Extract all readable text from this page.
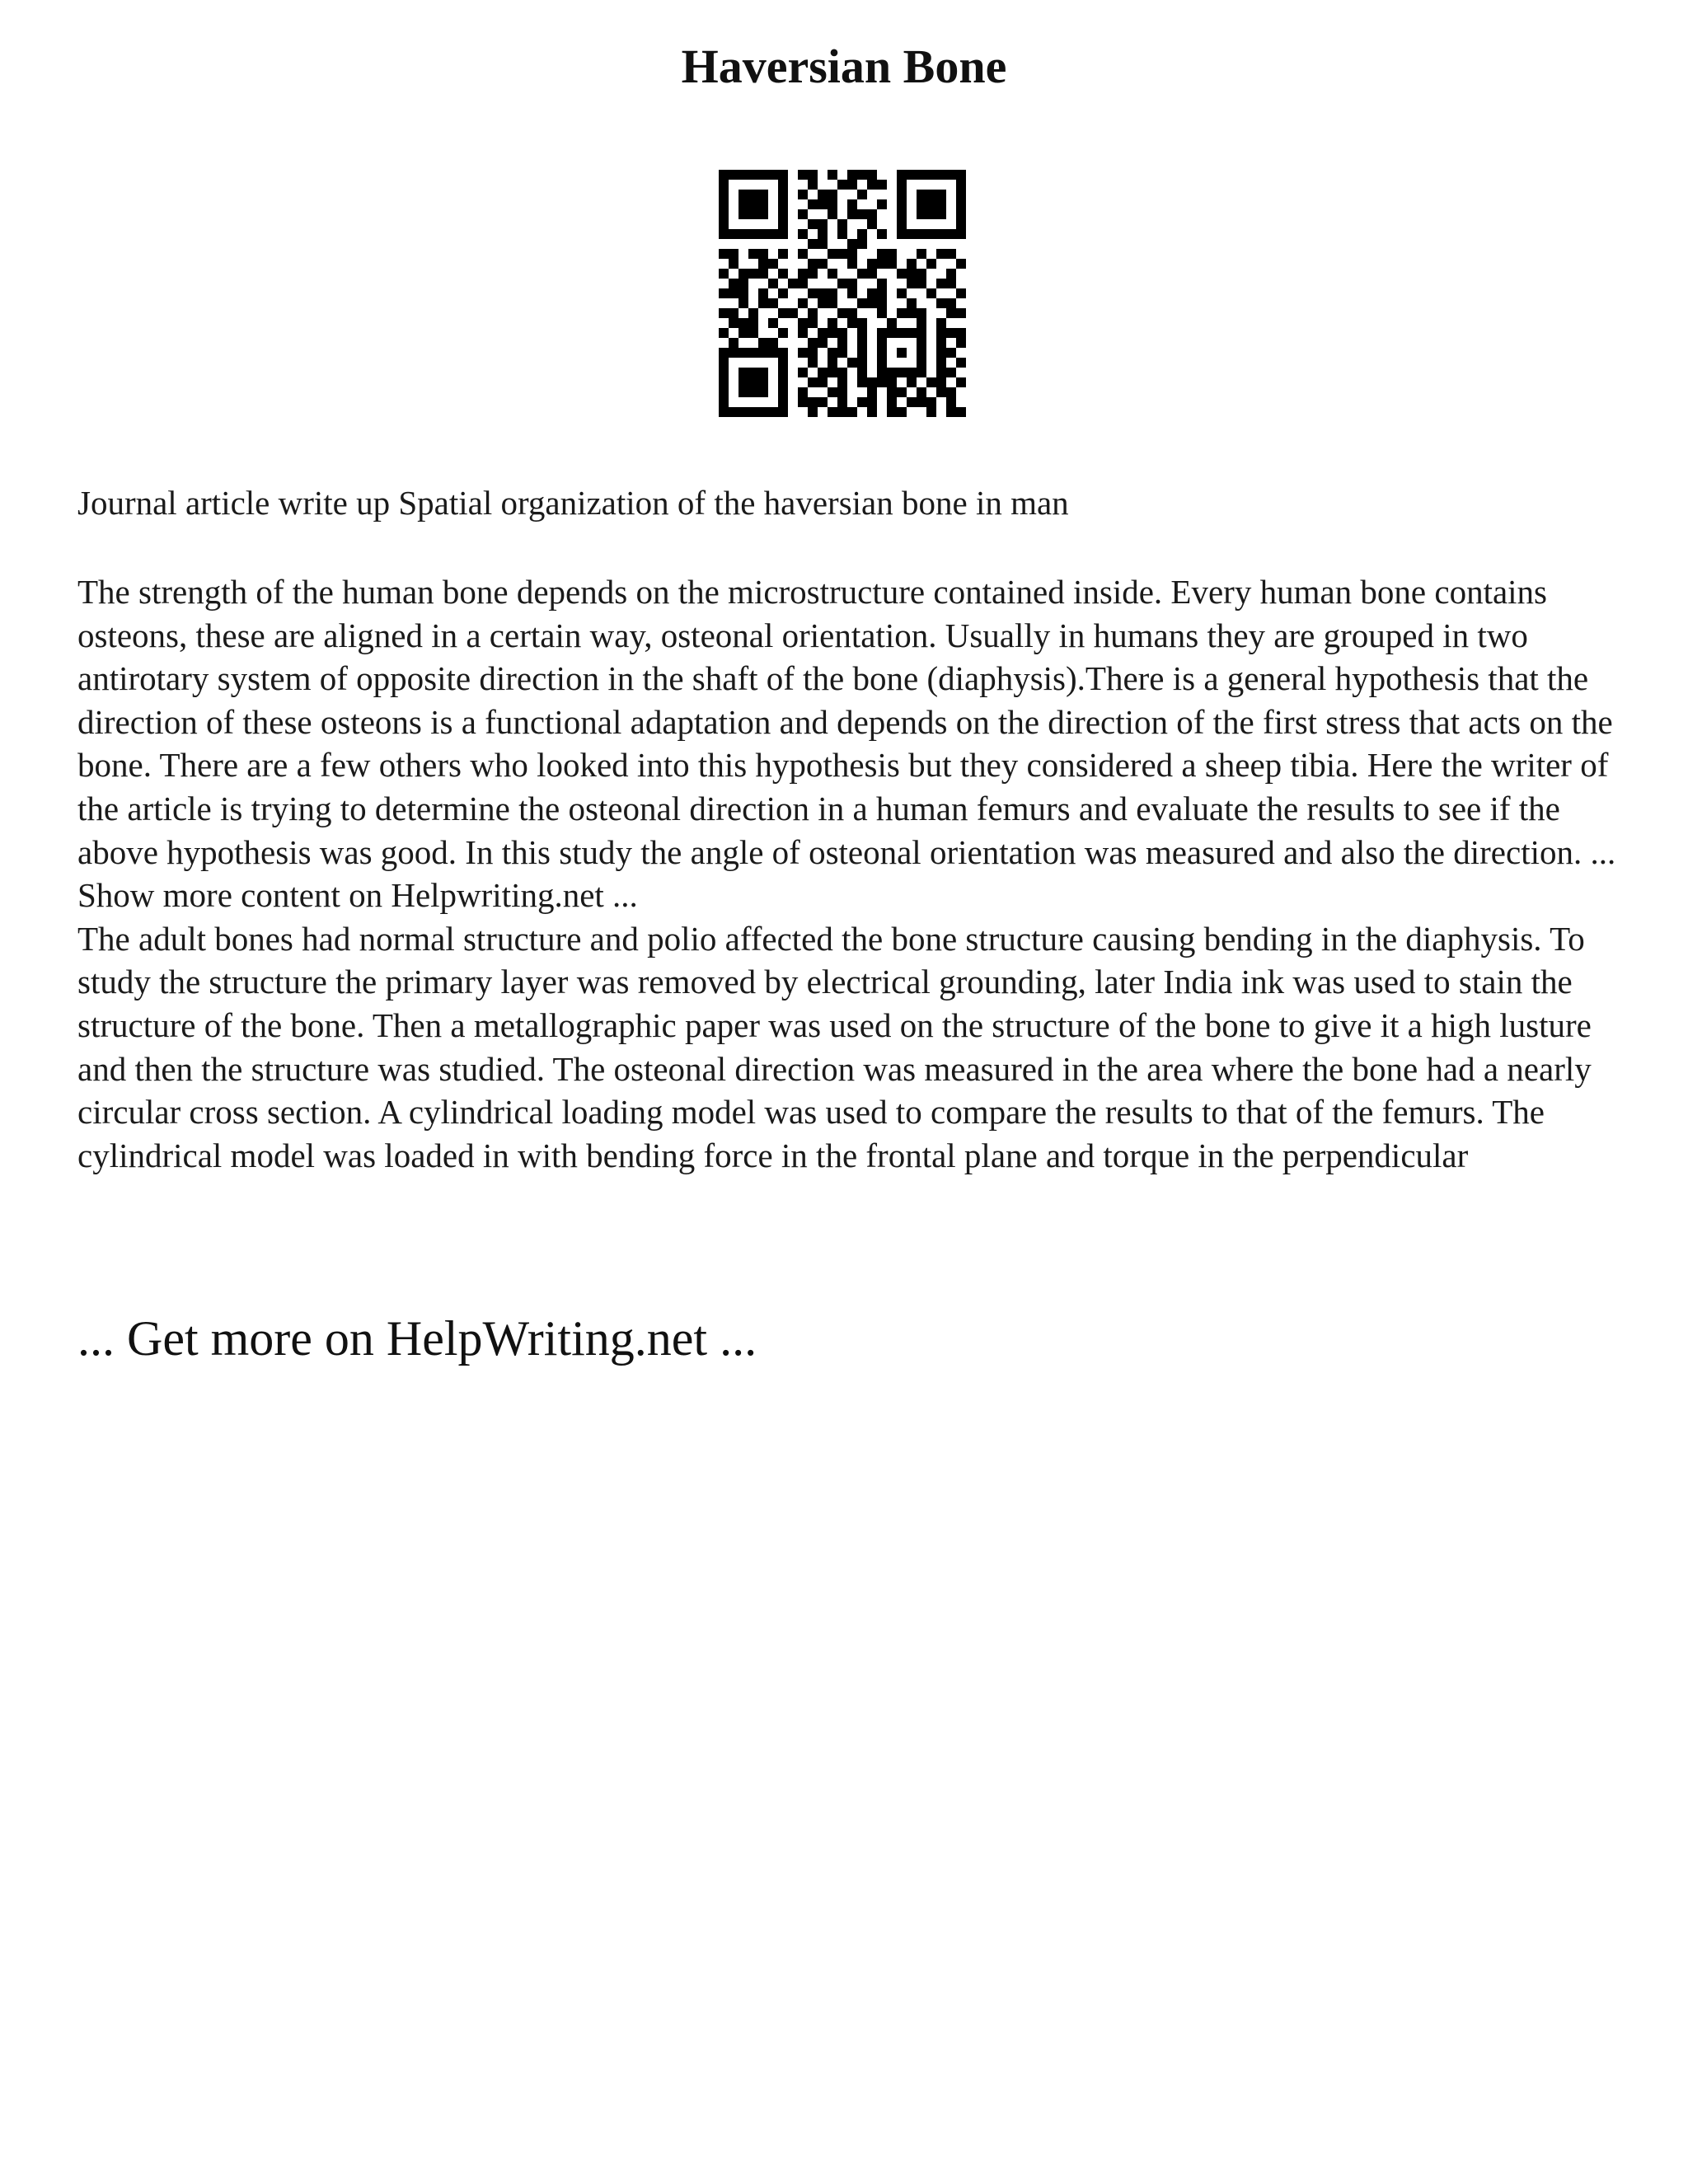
Haversian Bone

Journal article write up Spatial organization of the haversian bone in man

The strength of the human bone depends on the microstructure contained inside. Every human bone contains osteons, these are aligned in a certain way, osteonal orientation. Usually in humans they are grouped in two antirotary system of opposite direction in the shaft of the bone (diaphysis).There is a general hypothesis that the direction of these osteons is a functional adaptation and depends on the direction of the first stress that acts on the bone. There are a few others who looked into this hypothesis but they considered a sheep tibia. Here the writer of the article is trying to determine the osteonal direction in a human femurs and evaluate the results to see if the above hypothesis was good. In this study the angle of osteonal orientation was measured and also the direction. ... Show more content on Helpwriting.net ...

The adult bones had normal structure and polio affected the bone structure causing bending in the diaphysis. To study the structure the primary layer was removed by electrical grounding, later India ink was used to stain the structure of the bone. Then a metallographic paper was used on the structure of the bone to give it a high lusture and then the structure was studied. The osteonal direction was measured in the area where the bone had a nearly circular cross section. A cylindrical loading model was used to compare the results to that of the femurs. The cylindrical model was loaded in with bending force in the frontal plane and torque in the perpendicular

... Get more on HelpWriting.net ...
